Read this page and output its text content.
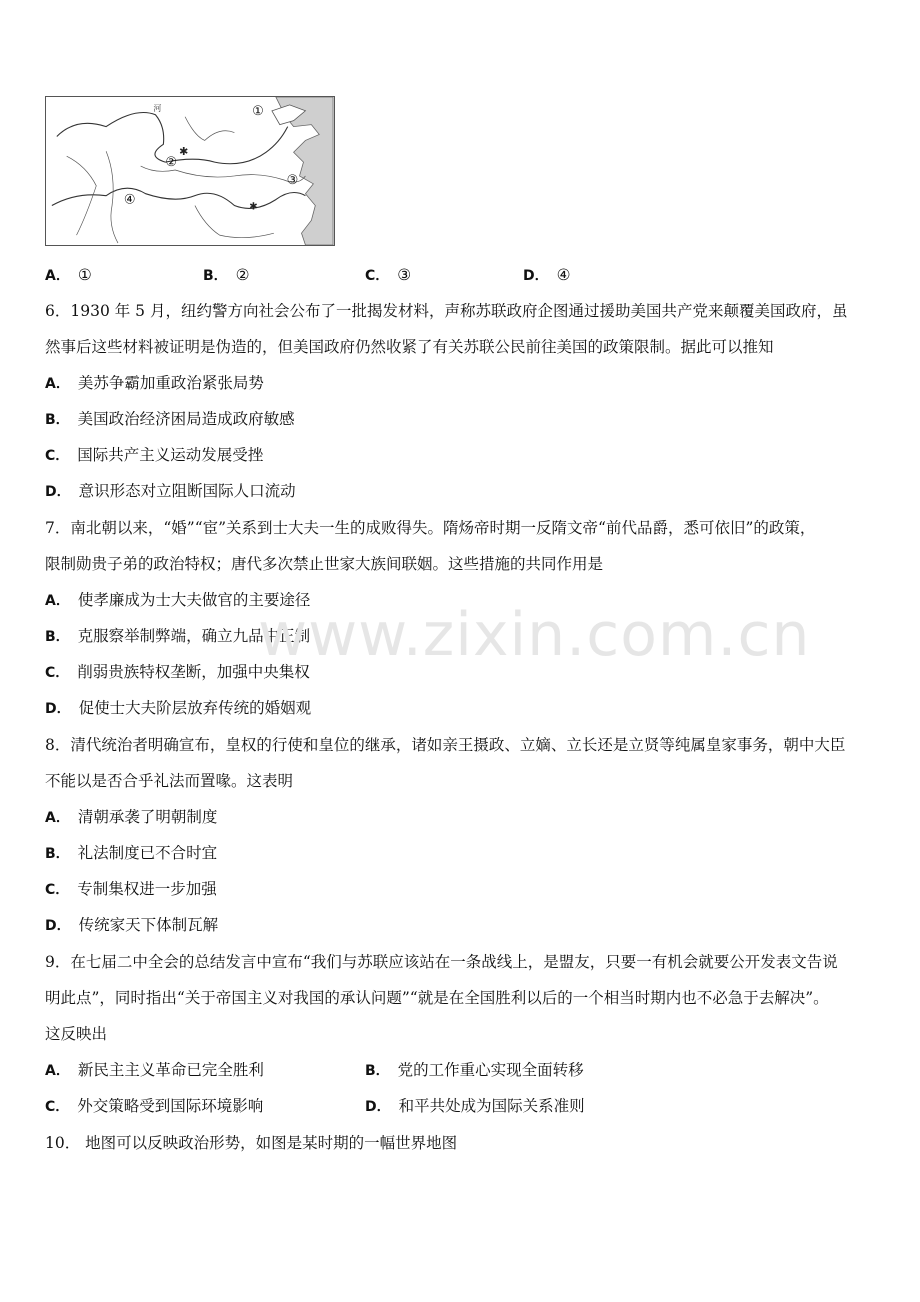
✱
✱
①
②
③
④
河
A． ①	B． ②	C． ③	D． ④
6．1930 年 5 月，纽约警方向社会公布了一批揭发材料，声称苏联政府企图通过援助美国共产党来颠覆美国政府，虽
然事后这些材料被证明是伪造的，但美国政府仍然收紧了有关苏联公民前往美国的政策限制。据此可以推知
A． 美苏争霸加重政治紧张局势
B． 美国政治经济困局造成政府敏感
C． 国际共产主义运动发展受挫
D． 意识形态对立阻断国际人口流动
7．南北朝以来，“婚”“宦”关系到士大夫一生的成败得失。隋炀帝时期一反隋文帝“前代品爵，悉可依旧”的政策，
限制勋贵子弟的政治特权；唐代多次禁止世家大族间联姻。这些措施的共同作用是
A． 使孝廉成为士大夫做官的主要途径
B． 克服察举制弊端，确立九品中正制
C． 削弱贵族特权垄断，加强中央集权
D． 促使士大夫阶层放弃传统的婚姻观
8．清代统治者明确宣布，皇权的行使和皇位的继承，诸如亲王摄政、立嫡、立长还是立贤等纯属皇家事务，朝中大臣
不能以是否合乎礼法而置喙。这表明
A． 清朝承袭了明朝制度
B． 礼法制度已不合时宜
C． 专制集权进一步加强
D． 传统家天下体制瓦解
9．在七届二中全会的总结发言中宣布“我们与苏联应该站在一条战线上，是盟友，只要一有机会就要公开发表文告说
明此点”，同时指出“关于帝国主义对我国的承认问题”“就是在全国胜利以后的一个相当时期内也不必急于去解决”。
这反映出
A． 新民主主义革命已完全胜利	B． 党的工作重心实现全面转移
C． 外交策略受到国际环境影响	D． 和平共处成为国际关系准则
10． 地图可以反映政治形势，如图是某时期的一幅世界地图
www.zixin.com.cn
